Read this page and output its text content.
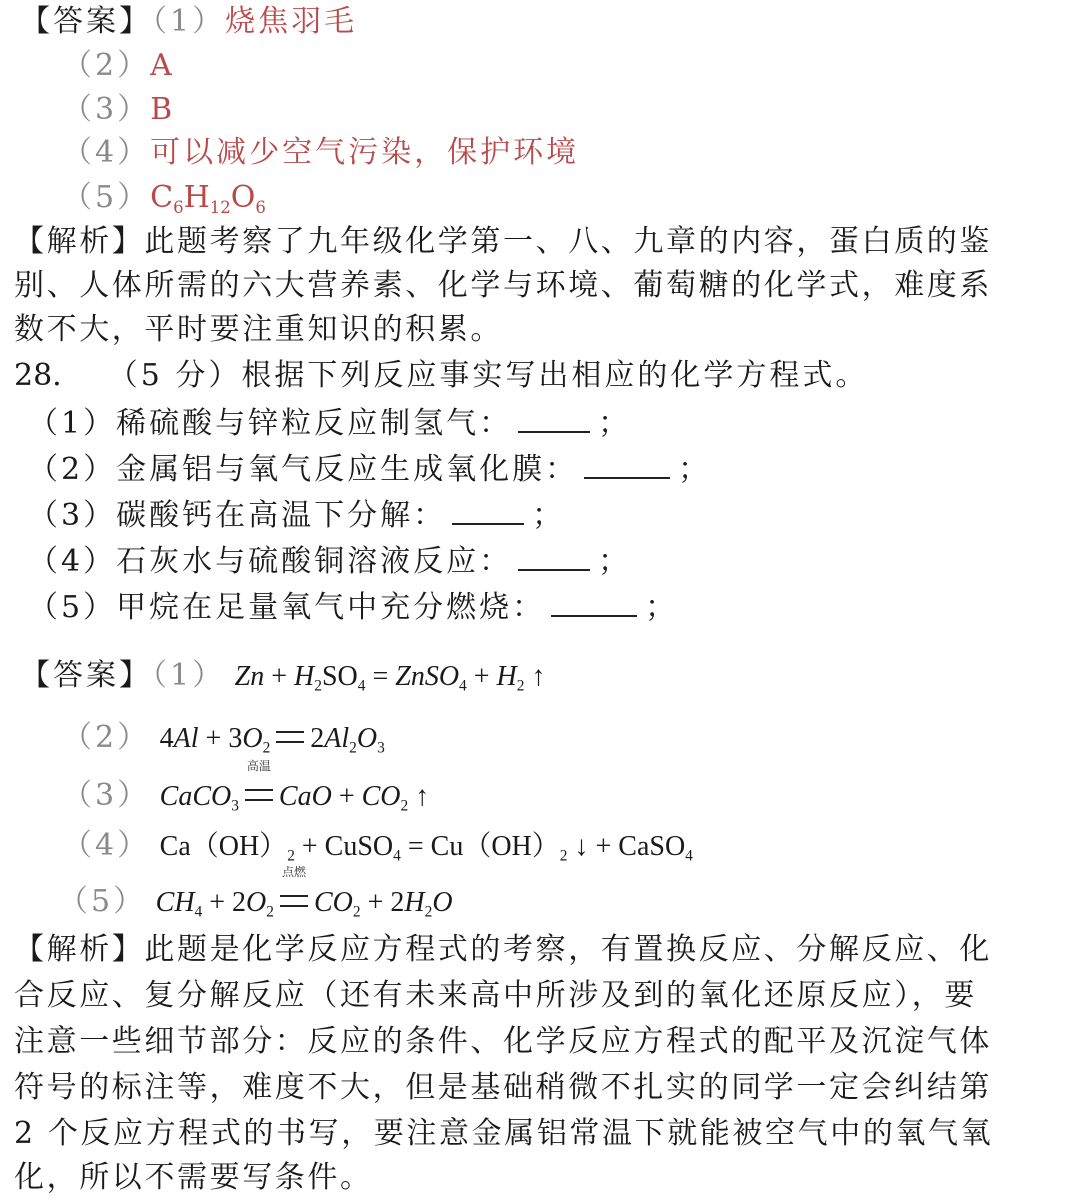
【答案】（1）烧焦羽毛
（2）A
（3）B
（4）可以减少空气污染，保护环境
$(5)C_6H_{12}O_6$
【解析】此题考察了九年级化学第一、八、九章的内容，蛋白质的鉴
别、人体所需的六大营养素、化学与环境、葡萄糖的化学式，难度系
数不大，平时要注重知识的积累。
28. （5 分）根据下列反应事实写出相应的化学方程式。
（1）稀硫酸与锌粒反应制氢气：	；
（2）金属铝与氧气反应生成氧化膜：	；
（3）碳酸钙在高温下分解：	；
（4）石灰水与硫酸铜溶液反应：	；
（5）甲烷在足量氧气中充分燃烧：	；
【答案】（1） $Zn + H_2SO_4$ = ZnSO$_4$ + $H_2$ ↑
（2） $4Al + 3O_2$ $2Al_2O_3$
（3） CaCO$_3$
高温
CaO + $CO_2$ ↑
（4） $Ca(OH)_2$ + CuSO$_4$ = $Cu(OH)_2$ ↓ + CaSO$_4$
（5） $CH_4 + 2O_2$
点燃
$CO_2 + 2H_2O$
【解析】此题是化学反应方程式的考察，有置换反应、分解反应、化
合反应、复分解反应（还有未来高中所涉及到的氧化还原反应），要
注意一些细节部分：反应的条件、化学反应方程式的配平及沉淀气体
符号的标注等，难度不大，但是基础稍微不扎实的同学一定会纠结第
2 个反应方程式的书写，要注意金属铝常温下就能被空气中的氧气氧
化，所以不需要写条件。
